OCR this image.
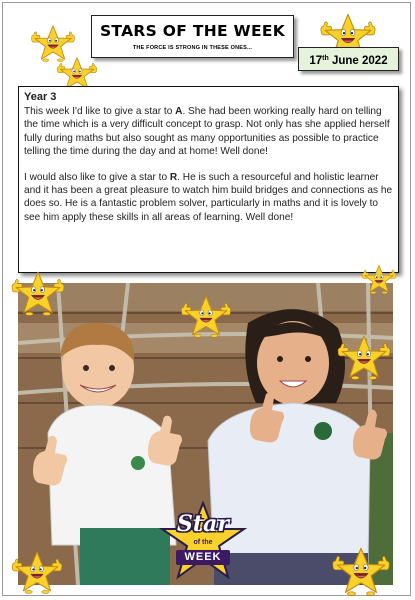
STARS OF THE WEEK
THE FORCE IS STRONG IN THESE ONES...
17th June 2022

Year 3

This week I'd like to give a star to A. She had been working really hard on telling the time which is a very difficult concept to grasp. Not only has she applied herself fully during maths but also sought as many opportunities as possible to practice telling the time during the day and at home! Well done!

I would also like to give a star to R. He is such a resourceful and holistic learner and it has been a great pleasure to watch him build bridges and connections as he does so. He is a fantastic problem solver, particularly in maths and it is lovely to see him apply these skills in all areas of learning. Well done!

Star
of the
WEEK
